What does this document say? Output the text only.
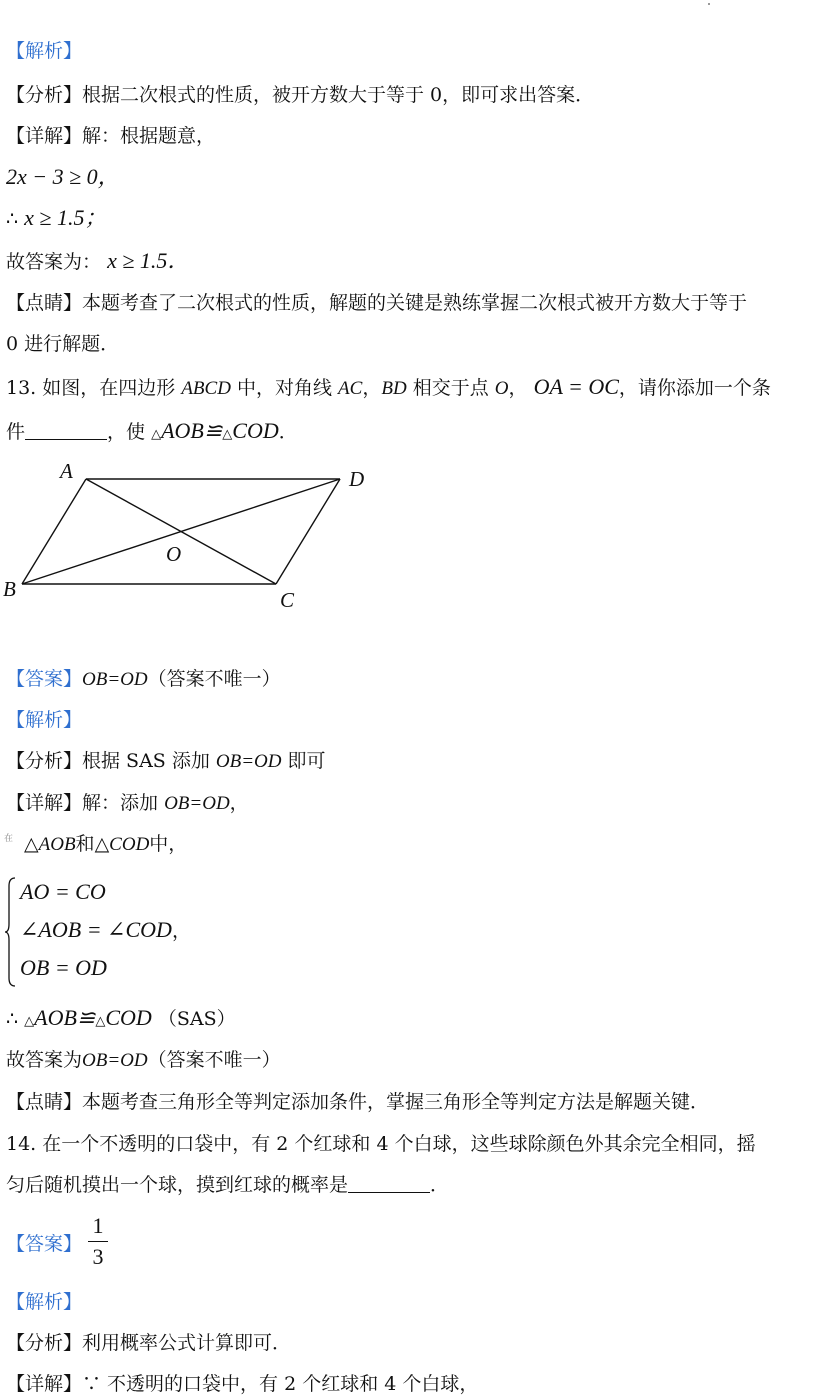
【解析】
【分析】根据二次根式的性质，被开方数大于等于 0，即可求出答案．
【详解】解：根据题意，
2x − 3 ≥ 0，
∴ x ≥ 1.5；
故答案为： x ≥ 1.5．
【点睛】本题考查了二次根式的性质，解题的关键是熟练掌握二次根式被开方数大于等于
0 进行解题．
13. 如图，在四边形 ABCD 中，对角线 AC，BD 相交于点 O， OA = OC，请你添加一个条
件	，使 △AOB≌△COD．
A	D
O
B	C
【答案】OB=OD（答案不唯一）
【解析】
【分析】根据 SAS 添加 OB=OD 即可
【详解】解：添加 OB=OD，
在 △AOB和△COD中，
AO = CO
∠AOB = ∠COD，
OB = OD
∴ △AOB≌△COD （SAS）
故答案为OB=OD（答案不唯一）
【点睛】本题考查三角形全等判定添加条件，掌握三角形全等判定方法是解题关键．
14. 在一个不透明的口袋中，有 2 个红球和 4 个白球，这些球除颜色外其余完全相同，摇
匀后随机摸出一个球，摸到红球的概率是	．
【答案】
1
3
【解析】
【分析】利用概率公式计算即可．
【详解】∵ 不透明的口袋中，有 2 个红球和 4 个白球，
